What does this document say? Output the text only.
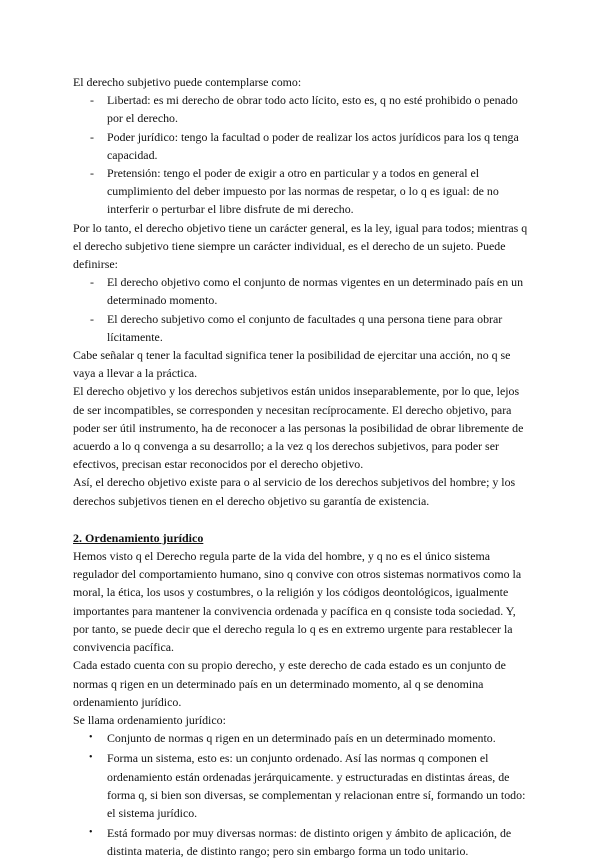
El derecho subjetivo puede contemplarse como:

- Libertad: es mi derecho de obrar todo acto lícito, esto es, q no esté prohibido o penado por el derecho.
- Poder jurídico: tengo la facultad o poder de realizar los actos jurídicos para los q tenga capacidad.
- Pretensión: tengo el poder de exigir a otro en particular y a todos en general el cumplimiento del deber impuesto por las normas de respetar, o lo q es igual: de no interferir o perturbar el libre disfrute de mi derecho.

Por lo tanto, el derecho objetivo tiene un carácter general, es la ley, igual para todos; mientras q el derecho subjetivo tiene siempre un carácter individual, es el derecho de un sujeto. Puede definirse:

- El derecho objetivo como el conjunto de normas vigentes en un determinado país en un determinado momento.
- El derecho subjetivo como el conjunto de facultades q una persona tiene para obrar lícitamente.

Cabe señalar q tener la facultad significa tener la posibilidad de ejercitar una acción, no q se vaya a llevar a la práctica.

El derecho objetivo y los derechos subjetivos están unidos inseparablemente, por lo que, lejos de ser incompatibles, se corresponden y necesitan recíprocamente. El derecho objetivo, para poder ser útil instrumento, ha de reconocer a las personas la posibilidad de obrar libremente de acuerdo a lo q convenga a su desarrollo; a la vez q los derechos subjetivos, para poder ser efectivos, precisan estar reconocidos por el derecho objetivo.

Así, el derecho objetivo existe para o al servicio de los derechos subjetivos del hombre; y los derechos subjetivos tienen en el derecho objetivo su garantía de existencia.

2. Ordenamiento jurídico

Hemos visto q el Derecho regula parte de la vida del hombre, y q no es el único sistema regulador del comportamiento humano, sino q convive con otros sistemas normativos como la moral, la ética, los usos y costumbres, o la religión y los códigos deontológicos, igualmente importantes para mantener la convivencia ordenada y pacífica en q consiste toda sociedad. Y, por tanto, se puede decir que el derecho regula lo q es en extremo urgente para restablecer la convivencia pacífica.

Cada estado cuenta con su propio derecho, y este derecho de cada estado es un conjunto de normas q rigen en un determinado país en un determinado momento, al q se denomina ordenamiento jurídico.

Se llama ordenamiento jurídico:

• Conjunto de normas q rigen en un determinado país en un determinado momento.
• Forma un sistema, esto es: un conjunto ordenado. Así las normas q componen el ordenamiento están ordenadas jerárquicamente. y estructuradas en distintas áreas, de forma q, si bien son diversas, se complementan y relacionan entre sí, formando un todo: el sistema jurídico.
• Está formado por muy diversas normas: de distinto origen y ámbito de aplicación, de distinta materia, de distinto rango; pero sin embargo forma un todo unitario.
